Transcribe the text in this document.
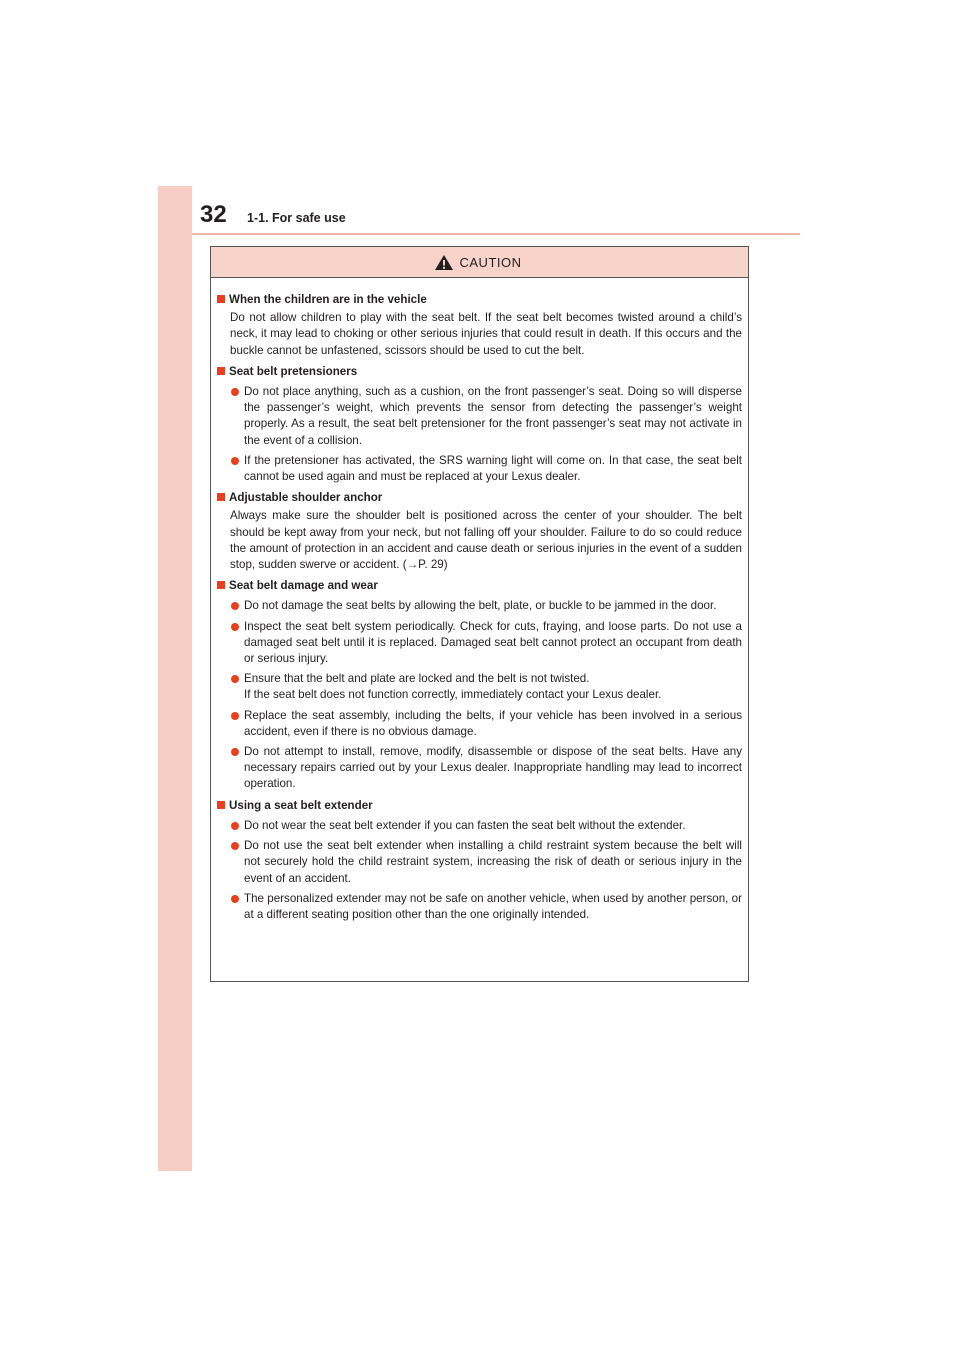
32 1-1. For safe use
CAUTION
When the children are in the vehicle
Do not allow children to play with the seat belt. If the seat belt becomes twisted around a child’s neck, it may lead to choking or other serious injuries that could result in death. If this occurs and the buckle cannot be unfastened, scissors should be used to cut the belt.
Seat belt pretensioners
Do not place anything, such as a cushion, on the front passenger’s seat. Doing so will disperse the passenger’s weight, which prevents the sensor from detecting the passenger’s weight properly. As a result, the seat belt pretensioner for the front passenger’s seat may not activate in the event of a collision.
If the pretensioner has activated, the SRS warning light will come on. In that case, the seat belt cannot be used again and must be replaced at your Lexus dealer.
Adjustable shoulder anchor
Always make sure the shoulder belt is positioned across the center of your shoulder. The belt should be kept away from your neck, but not falling off your shoulder. Failure to do so could reduce the amount of protection in an accident and cause death or serious injuries in the event of a sudden stop, sudden swerve or accident. (→P. 29)
Seat belt damage and wear
Do not damage the seat belts by allowing the belt, plate, or buckle to be jammed in the door.
Inspect the seat belt system periodically. Check for cuts, fraying, and loose parts. Do not use a damaged seat belt until it is replaced. Damaged seat belt cannot protect an occupant from death or serious injury.
Ensure that the belt and plate are locked and the belt is not twisted.
If the seat belt does not function correctly, immediately contact your Lexus dealer.
Replace the seat assembly, including the belts, if your vehicle has been involved in a serious accident, even if there is no obvious damage.
Do not attempt to install, remove, modify, disassemble or dispose of the seat belts. Have any necessary repairs carried out by your Lexus dealer. Inappropriate handling may lead to incorrect operation.
Using a seat belt extender
Do not wear the seat belt extender if you can fasten the seat belt without the extender.
Do not use the seat belt extender when installing a child restraint system because the belt will not securely hold the child restraint system, increasing the risk of death or serious injury in the event of an accident.
The personalized extender may not be safe on another vehicle, when used by another person, or at a different seating position other than the one originally intended.
